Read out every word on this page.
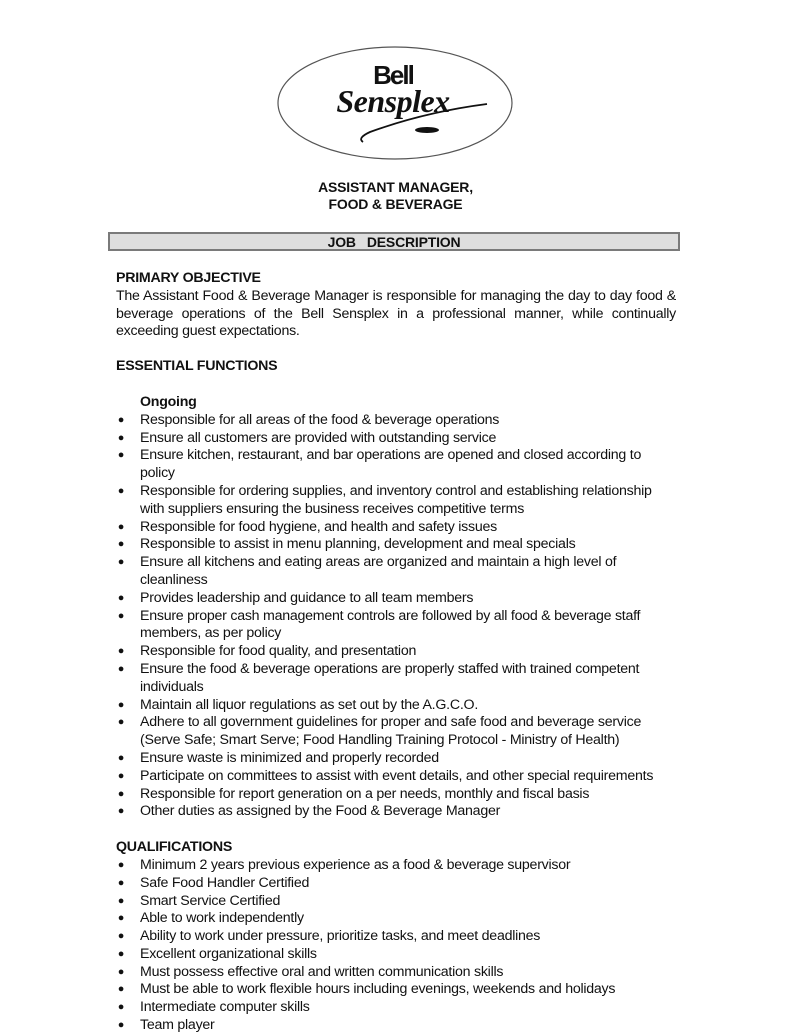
Bell
Sensplex
ASSISTANT MANAGER,
FOOD & BEVERAGE
JOB   DESCRIPTION
PRIMARY OBJECTIVE

The Assistant Food & Beverage Manager is responsible for managing the day to day food & beverage operations of the Bell Sensplex in a professional manner, while continually exceeding guest expectations.

ESSENTIAL FUNCTIONS
Ongoing
● Responsible for all areas of the food & beverage operations
● Ensure all customers are provided with outstanding service
● Ensure kitchen, restaurant, and bar operations are opened and closed according to policy
● Responsible for ordering supplies, and inventory control and establishing relationship with suppliers ensuring the business receives competitive terms
● Responsible for food hygiene, and health and safety issues
● Responsible to assist in menu planning, development and meal specials
● Ensure all kitchens and eating areas are organized and maintain a high level of cleanliness
● Provides leadership and guidance to all team members
● Ensure proper cash management controls are followed by all food & beverage staff members, as per policy
● Responsible for food quality, and presentation
● Ensure the food & beverage operations are properly staffed with trained competent individuals
● Maintain all liquor regulations as set out by the A.G.C.O.
● Adhere to all government guidelines for proper and safe food and beverage service (Serve Safe; Smart Serve; Food Handling Training Protocol - Ministry of Health)
● Ensure waste is minimized and properly recorded
● Participate on committees to assist with event details, and other special requirements
● Responsible for report generation on a per needs, monthly and fiscal basis
● Other duties as assigned by the Food & Beverage Manager
QUALIFICATIONS
● Minimum 2 years previous experience as a food & beverage supervisor
● Safe Food Handler Certified
● Smart Service Certified
● Able to work independently
● Ability to work under pressure, prioritize tasks, and meet deadlines
● Excellent organizational skills
● Must possess effective oral and written communication skills
● Must be able to work flexible hours including evenings, weekends and holidays
● Intermediate computer skills
● Team player
